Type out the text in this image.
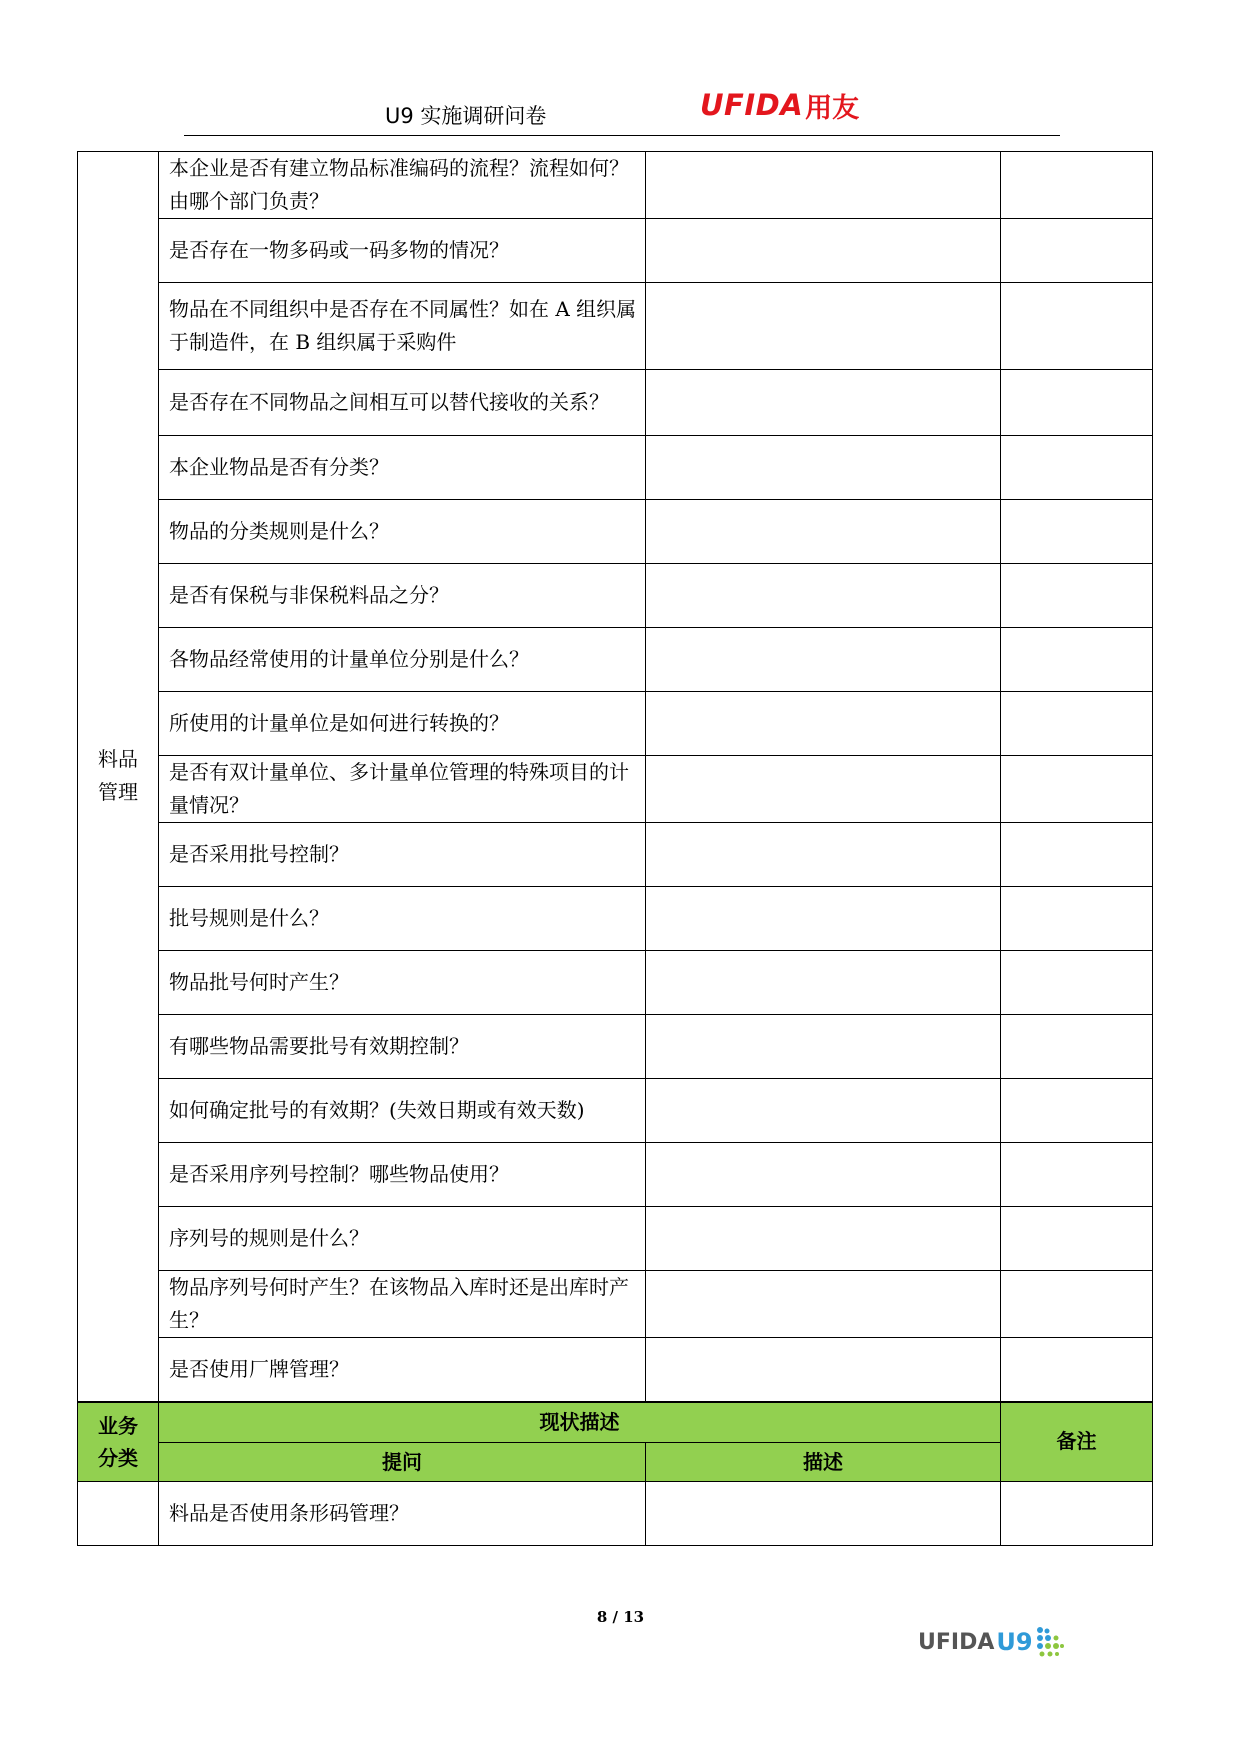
U9 实施调研问卷	UFIDA 用友
料品
管理	本企业是否有建立物品标准编码的流程？流程如何？由哪个部门负责？		
	是否存在一物多码或一码多物的情况？		
	物品在不同组织中是否存在不同属性？如在 A 组织属于制造件，在 B 组织属于采购件		
	是否存在不同物品之间相互可以替代接收的关系？		
	本企业物品是否有分类？		
	物品的分类规则是什么？		
	是否有保税与非保税料品之分？		
	各物品经常使用的计量单位分别是什么？		
	所使用的计量单位是如何进行转换的？		
	是否有双计量单位、多计量单位管理的特殊项目的计量情况？		
	是否采用批号控制？		
	批号规则是什么？		
	物品批号何时产生？		
	有哪些物品需要批号有效期控制？		
	如何确定批号的有效期？(失效日期或有效天数)		
	是否采用序列号控制？哪些物品使用？		
	序列号的规则是什么？		
	物品序列号何时产生？在该物品入库时还是出库时产生？		
	是否使用厂牌管理？		
业务
分类	现状描述		备注
	提问	描述	
	料品是否使用条形码管理？		
8 / 13
UFIDA U9
